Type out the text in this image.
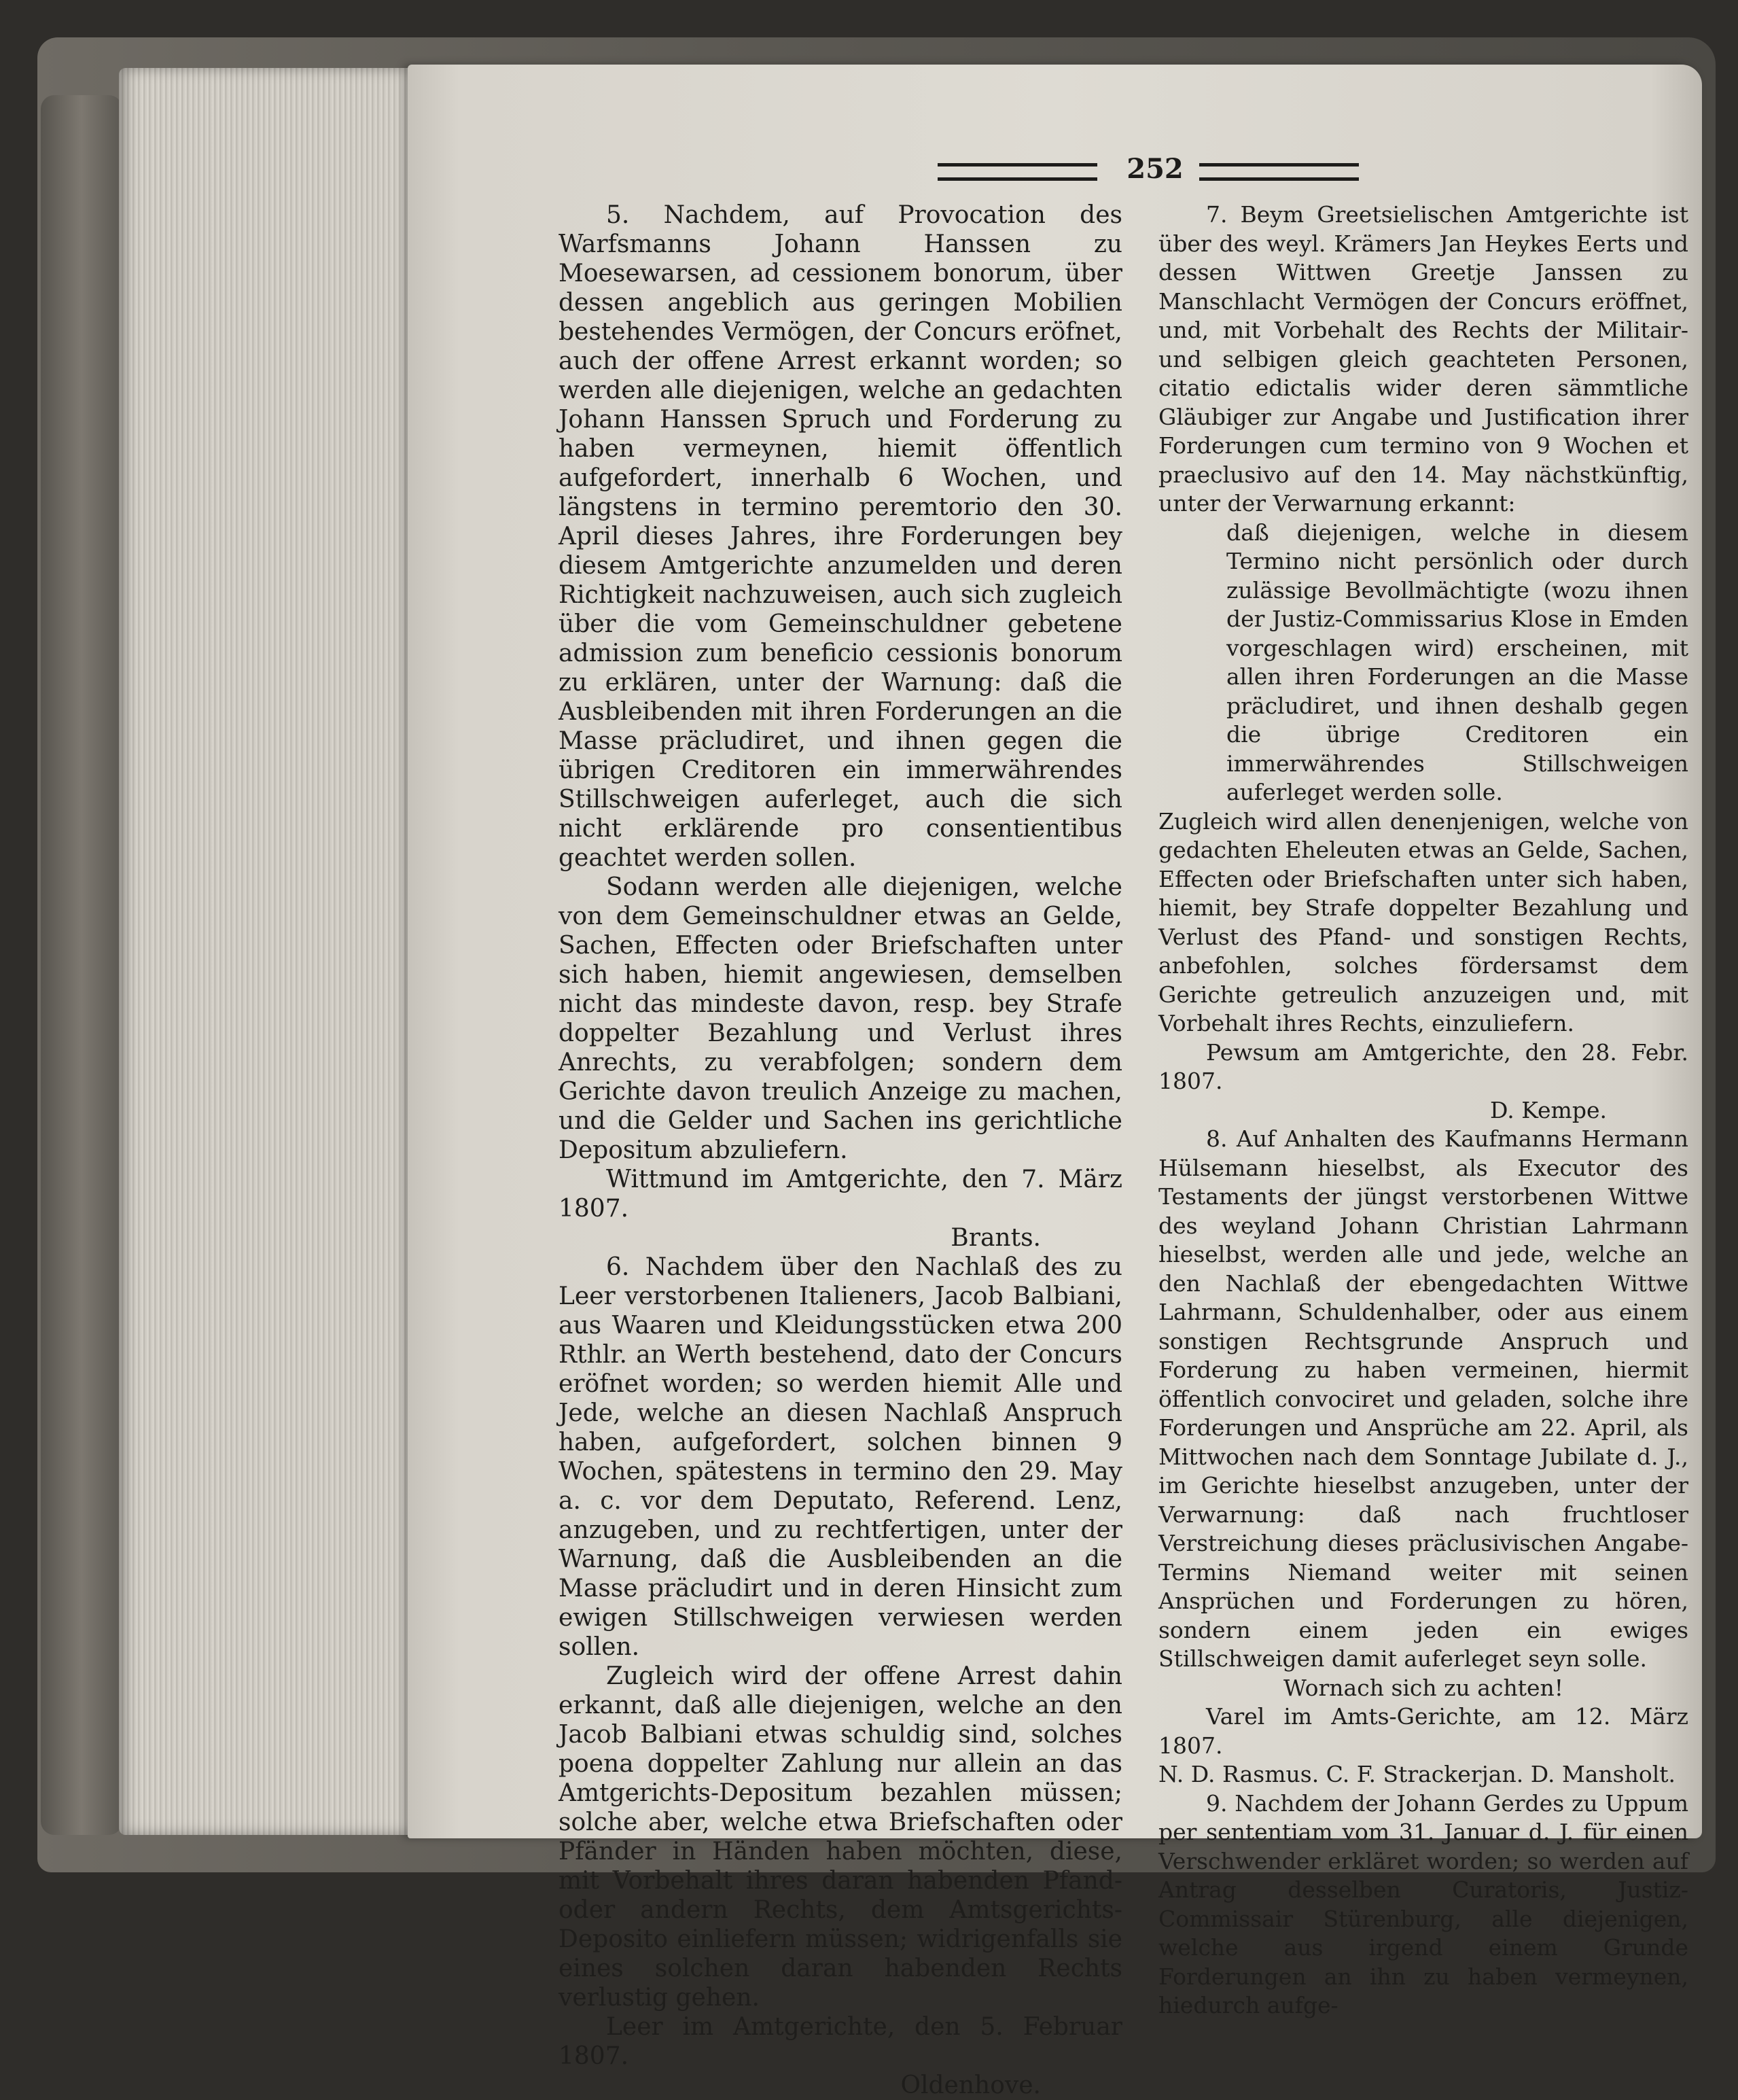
252

5. Nachdem, auf Provocation des Warfsmanns Johann Hanssen zu Moesewarsen, ad cessionem bonorum, über dessen angeblich aus geringen Mobilien bestehendes Vermögen, der Concurs eröfnet, auch der offene Arrest erkannt worden; so werden alle diejenigen, welche an gedachten Johann Hanssen Spruch und Forderung zu haben vermeynen, hiemit öffentlich aufgefordert, innerhalb 6 Wochen, und längstens in termino peremtorio den 30. April dieses Jahres, ihre Forderungen bey diesem Amtgerichte anzumelden und deren Richtigkeit nachzuweisen, auch sich zugleich über die vom Gemeinschuldner gebetene admission zum beneficio cessionis bonorum zu erklären, unter der Warnung: daß die Ausbleibenden mit ihren Forderungen an die Masse präcludiret, und ihnen gegen die übrigen Creditoren ein immerwährendes Stillschweigen auferleget, auch die sich nicht erklärende pro consentientibus geachtet werden sollen.

Sodann werden alle diejenigen, welche von dem Gemeinschuldner etwas an Gelde, Sachen, Effecten oder Briefschaften unter sich haben, hiemit angewiesen, demselben nicht das mindeste davon, resp. bey Strafe doppelter Bezahlung und Verlust ihres Anrechts, zu verabfolgen; sondern dem Gerichte davon treulich Anzeige zu machen, und die Gelder und Sachen ins gerichtliche Depositum abzuliefern.

Wittmund im Amtgerichte, den 7. März 1807.

Brants.

6. Nachdem über den Nachlaß des zu Leer verstorbenen Italieners, Jacob Balbiani, aus Waaren und Kleidungsstücken etwa 200 Rthlr. an Werth bestehend, dato der Concurs eröfnet worden; so werden hiemit Alle und Jede, welche an diesen Nachlaß Anspruch haben, aufgefordert, solchen binnen 9 Wochen, spätestens in termino den 29. May a. c. vor dem Deputato, Referend. Lenz, anzugeben, und zu rechtfertigen, unter der Warnung, daß die Ausbleibenden an die Masse präcludirt und in deren Hinsicht zum ewigen Stillschweigen verwiesen werden sollen.

Zugleich wird der offene Arrest dahin erkannt, daß alle diejenigen, welche an den Jacob Balbiani etwas schuldig sind, solches poena doppelter Zahlung nur allein an das Amtgerichts-Depositum bezahlen müssen; solche aber, welche etwa Briefschaften oder Pfänder in Händen haben möchten, diese, mit Vorbehalt ihres daran habenden Pfand- oder andern Rechts, dem Amtsgerichts-Deposito einliefern müssen; widrigenfalls sie eines solchen daran habenden Rechts verlustig gehen.

Leer im Amtgerichte, den 5. Februar 1807.

Oldenhove.

7. Beym Greetsielischen Amtgerichte ist über des weyl. Krämers Jan Heykes Eerts und dessen Wittwen Greetje Janssen zu Manschlacht Vermögen der Concurs eröffnet, und, mit Vorbehalt des Rechts der Militair- und selbigen gleich geachteten Personen, citatio edictalis wider deren sämmtliche Gläubiger zur Angabe und Justification ihrer Forderungen cum termino von 9 Wochen et praeclusivo auf den 14. May nächstkünftig, unter der Verwarnung erkannt:

daß diejenigen, welche in diesem Termino nicht persönlich oder durch zulässige Bevollmächtigte (wozu ihnen der Justiz-Commissarius Klose in Emden vorgeschlagen wird) erscheinen, mit allen ihren Forderungen an die Masse präcludiret, und ihnen deshalb gegen die übrige Creditoren ein immerwährendes Stillschweigen auferleget werden solle.

Zugleich wird allen denenjenigen, welche von gedachten Eheleuten etwas an Gelde, Sachen, Effecten oder Briefschaften unter sich haben, hiemit, bey Strafe doppelter Bezahlung und Verlust des Pfand- und sonstigen Rechts, anbefohlen, solches fördersamst dem Gerichte getreulich anzuzeigen und, mit Vorbehalt ihres Rechts, einzuliefern.

Pewsum am Amtgerichte, den 28. Febr. 1807.

D. Kempe.

8. Auf Anhalten des Kaufmanns Hermann Hülsemann hieselbst, als Executor des Testaments der jüngst verstorbenen Wittwe des weyland Johann Christian Lahrmann hieselbst, werden alle und jede, welche an den Nachlaß der ebengedachten Wittwe Lahrmann, Schuldenhalber, oder aus einem sonstigen Rechtsgrunde Anspruch und Forderung zu haben vermeinen, hiermit öffentlich convociret und geladen, solche ihre Forderungen und Ansprüche am 22. April, als Mittwochen nach dem Sonntage Jubilate d. J., im Gerichte hieselbst anzugeben, unter der Verwarnung: daß nach fruchtloser Verstreichung dieses präclusivischen Angabe-Termins Niemand weiter mit seinen Ansprüchen und Forderungen zu hören, sondern einem jeden ein ewiges Stillschweigen damit auferleget seyn solle.

Wornach sich zu achten!

Varel im Amts-Gerichte, am 12. März 1807.

N. D. Rasmus. C. F. Strackerjan. D. Mansholt.

9. Nachdem der Johann Gerdes zu Uppum per sententiam vom 31. Januar d. J. für einen Verschwender erkläret worden; so werden auf Antrag desselben Curatoris, Justiz-Commissair Stürenburg, alle diejenigen, welche aus irgend einem Grunde Forderungen an ihn zu haben vermeynen, hiedurch aufge-
